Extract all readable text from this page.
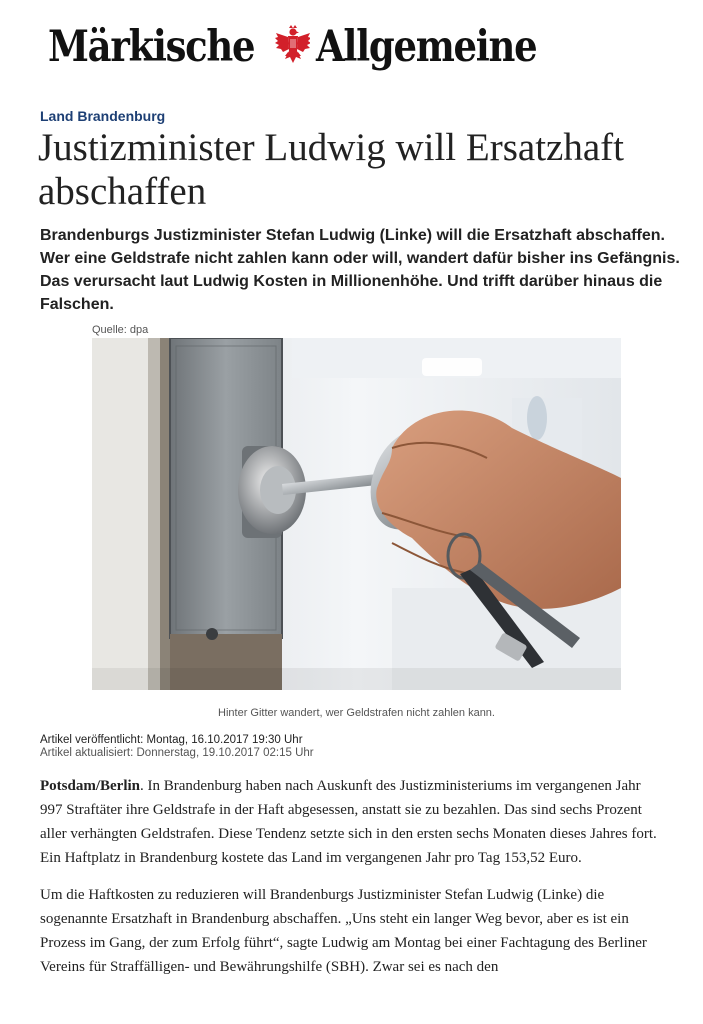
Märkische Allgemeine
Land Brandenburg
Justizminister Ludwig will Ersatzhaft abschaffen

Brandenburgs Justizminister Stefan Ludwig (Linke) will die Ersatzhaft abschaffen. Wer eine Geldstrafe nicht zahlen kann oder will, wandert dafür bisher ins Gefängnis. Das verursacht laut Ludwig Kosten in Millionenhöhe. Und trifft darüber hinaus die Falschen.

Quelle: dpa
Hinter Gitter wandert, wer Geldstrafen nicht zahlen kann.
Artikel veröffentlicht: Montag, 16.10.2017 19:30 Uhr
Artikel aktualisiert: Donnerstag, 19.10.2017 02:15 Uhr

Potsdam/Berlin. In Brandenburg haben nach Auskunft des Justizministeriums im vergangenen Jahr 997 Straftäter ihre Geldstrafe in der Haft abgesessen, anstatt sie zu bezahlen. Das sind sechs Prozent aller verhängten Geldstrafen. Diese Tendenz setzte sich in den ersten sechs Monaten dieses Jahres fort. Ein Haftplatz in Brandenburg kostete das Land im vergangenen Jahr pro Tag 153,52 Euro.

Um die Haftkosten zu reduzieren will Brandenburgs Justizminister Stefan Ludwig (Linke) die sogenannte Ersatzhaft in Brandenburg abschaffen. „Uns steht ein langer Weg bevor, aber es ist ein Prozess im Gang, der zum Erfolg führt“, sagte Ludwig am Montag bei einer Fachtagung des Berliner Vereins für Straffälligen- und Bewährungshilfe (SBH). Zwar sei es nach den
